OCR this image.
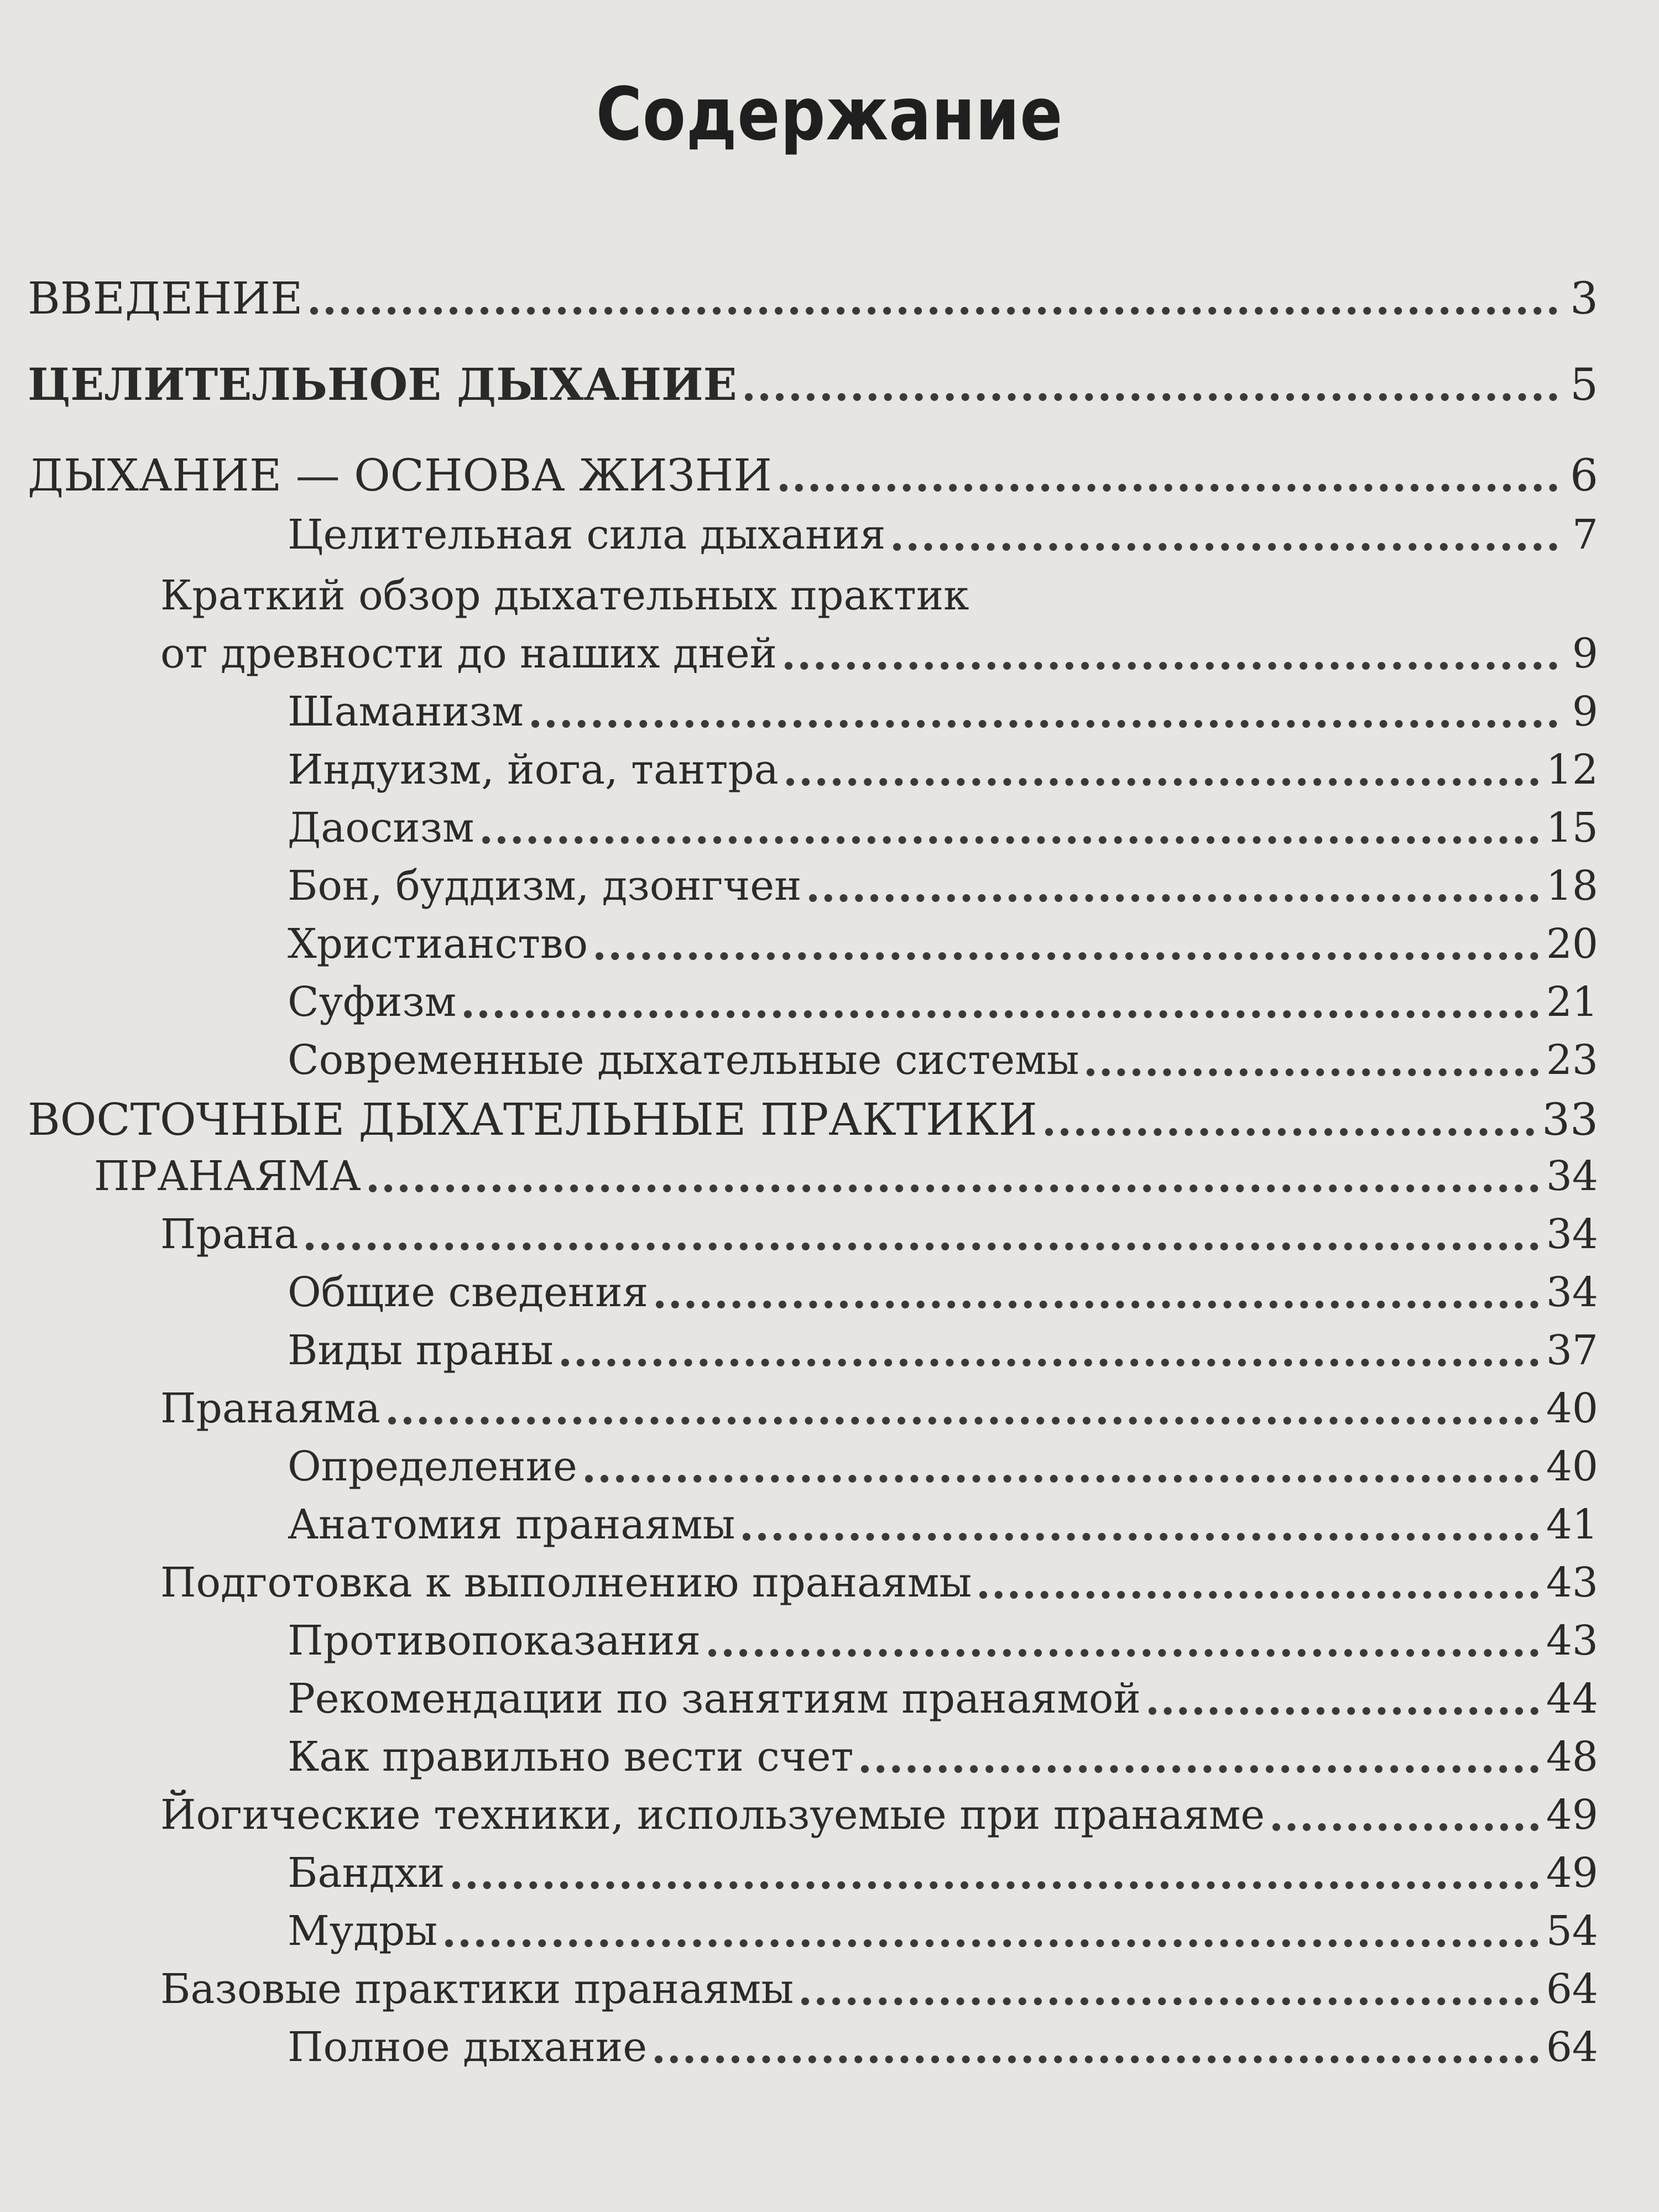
Содержание
ВВЕДЕНИЕ	3
ЦЕЛИТЕЛЬНОЕ ДЫХАНИЕ	5
ДЫХАНИЕ — ОСНОВА ЖИЗНИ	6
Целительная сила дыхания	7
Краткий обзор дыхательных практик
от древности до наших дней	9
Шаманизм	9
Индуизм, йога, тантра	12
Даосизм	15
Бон, буддизм, дзонгчен	18
Христианство	20
Суфизм	21
Современные дыхательные системы	23
ВОСТОЧНЫЕ ДЫХАТЕЛЬНЫЕ ПРАКТИКИ	33
ПРАНАЯМА	34
Прана	34
Общие сведения	34
Виды праны	37
Пранаяма	40
Определение	40
Анатомия пранаямы	41
Подготовка к выполнению пранаямы	43
Противопоказания	43
Рекомендации по занятиям пранаямой	44
Как правильно вести счет	48
Йогические техники, используемые при пранаяме	49
Бандхи	49
Мудры	54
Базовые практики пранаямы	64
Полное дыхание	64
